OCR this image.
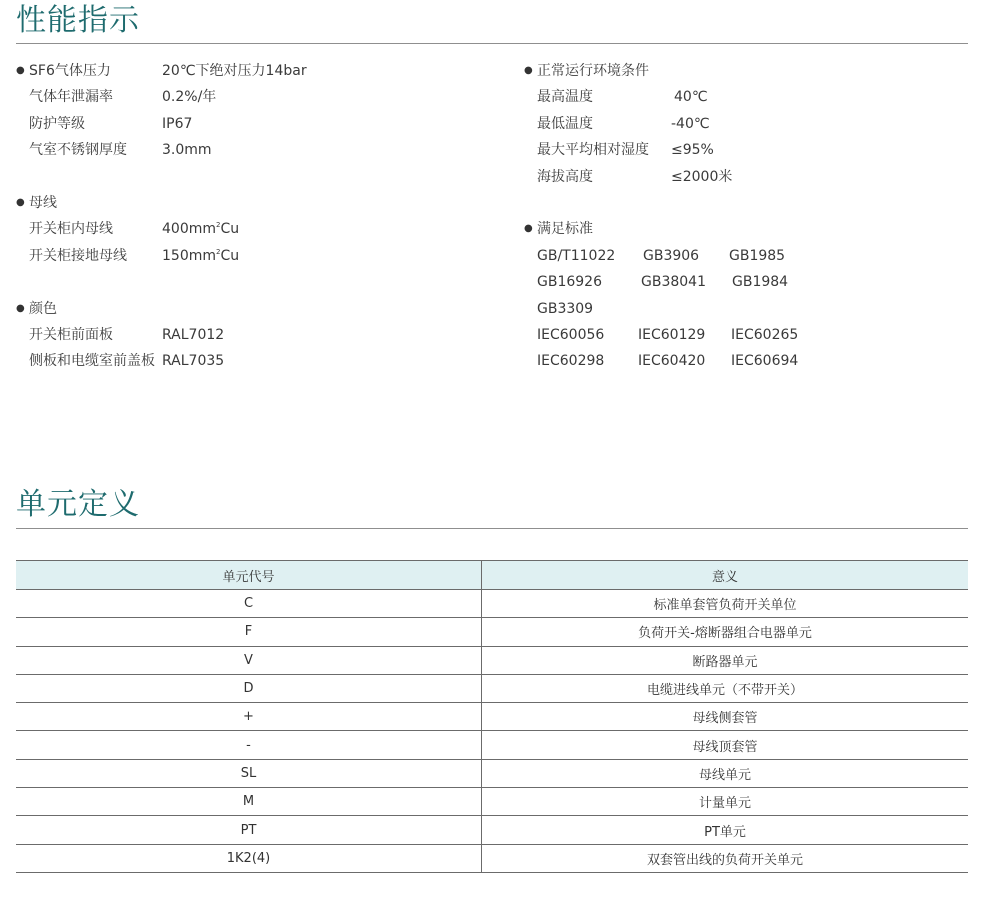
性能指示
● SF6气体压力	20℃下绝对压力14bar
气体年泄漏率	0.2%/年
防护等级	IP67
气室不锈钢厚度	3.0mm
● 母线
开关柜内母线	$400mm^2Cu$
开关柜接地母线	$150mm^2Cu$
● 颜色
开关柜前面板	RAL7012
侧板和电缆室前盖板 RAL7035
● 正常运行环境条件
最高温度	40℃
最低温度	-40℃
最大平均相对湿度 ≤95%
海拔高度	≤2000米
● 满足标准
GB/T11022 GB3906 GB1985
GB16926	GB38041 GB1984
GB3309
IEC60056 IEC60129 IEC60265
IEC60298 IEC60420 IEC60694
单元定义
单元代号	意义
C	标准单套管负荷开关单位
F	负荷开关-熔断器组合电器单元
V	断路器单元
D	电缆进线单元（不带开关）
+	母线侧套管
-	母线顶套管
SL	母线单元
M	计量单元
PT	PT单元
1K2(4)	双套管出线的负荷开关单元
